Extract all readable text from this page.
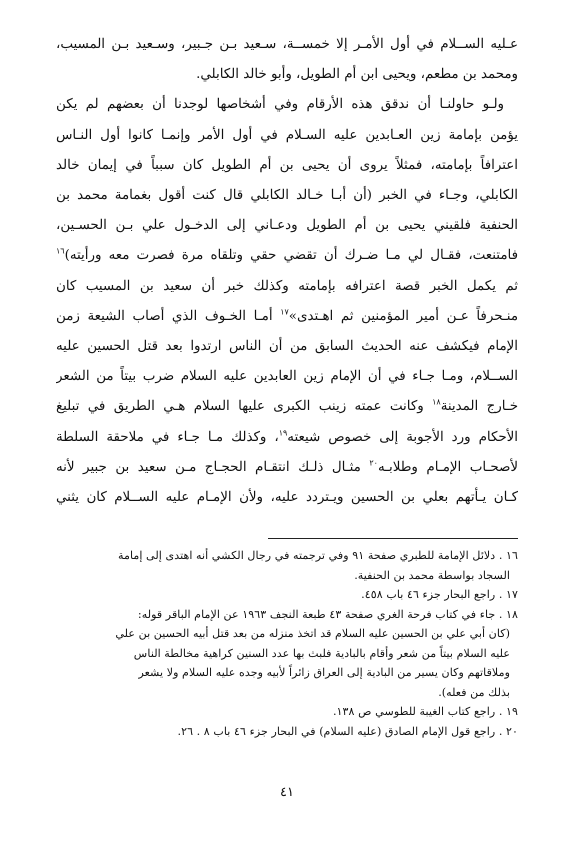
عـليه الســلام في أول الأمـر إلا خمســة، سـعيد بـن جـبير، وسـعيد بـن المسيب،
ومحمد بن مطعم، ويحيى ابن أم الطويل، وأبو خالد الكابلي.
ولـو حاولنـا أن ندقق هذه الأرقام وفي أشخاصها لوجدنا أن بعضهم لم يكن
يؤمن بإمامة زين العـابدين عليه السـلام في أول الأمر وإنمـا كانوا أول النـاس
اعترافاً بإمامته، فمثلاً يروى أن يحيى بن أم الطويل كان سبباً في إيمان خالد
الكابلي، وجـاء في الخبر (أن أبـا خـالد الكابلي قال كنت أقول بغمامة محمد بن
الحنفية فلقيني يحيى بن أم الطويل ودعـاني إلى الدخـول علي بـن الحسـين،
فامتنعت، فقـال لي مـا ضـرك أن تقضي حقي وتلقاه مرة فصرت معه ورأيته)$^{١٦}$
ثم يكمل الخبر قصة اعترافه بإمامته وكذلك خبر أن سعيد بن المسيب كان
منـحرفاً عـن أمير المؤمنين ثم اهـتدى»$^{١٧}$ أمـا الخـوف الذي أصاب الشيعة زمن
الإمام فيكشف عنه الحديث السابق من أن الناس ارتدوا بعد قتل الحسين عليه
الســلام، ومـا جـاء في أن الإمام زين العابدين عليه السلام ضرب بيتاً من الشعر
خـارج المدينة$^{١٨}$ وكانت عمته زينب الكبرى عليها السلام هـي الطريق في تبليغ
الأحكام ورد الأجوبة إلى خصوص شيعته$^{١٩}$، وكذلك مـا جـاء في ملاحقة السلطة
لأصحـاب الإمـام وطلابـه$^{٢٠}$ مثـال ذلـك انتقـام الحجـاج مـن سعيد بن جبير لأنه
كـان يـأتهم بعلي بن الحسين ويـتردد عليه، ولأن الإمـام عليه الســلام كان يثني
١٦ . دلائل الإمامة للطبري صفحة ٩١ وفي ترجمته في رجال الكشي أنه اهتدى إلى إمامة
السجاد بواسطة محمد بن الحنفية.
١٧ . راجع البحار جزء ٤٦ باب ٤٥٨.
١٨ . جاء في كتاب فرحة الغري صفحة ٤٣ طبعة النجف ١٩٦٣ عن الإمام الباقر قوله:
(كان أبي علي بن الحسين عليه السلام قد اتخذ منزله من بعد قتل أبيه الحسين بن علي
عليه السلام بيتاً من شعر وأقام بالبادية فلبث بها عدد السنين كراهية مخالطة الناس
وملاقاتهم وكان يسير من البادية إلى العراق زائراً لأبيه وجده عليه السلام ولا يشعر
بذلك من فعله).
١٩ . راجع كتاب الغيبة للطوسي ص ١٣٨.
٢٠ . راجع قول الإمام الصادق (عليه السلام) في البحار جزء ٤٦ باب ٨ . ٢٦.
٤١
